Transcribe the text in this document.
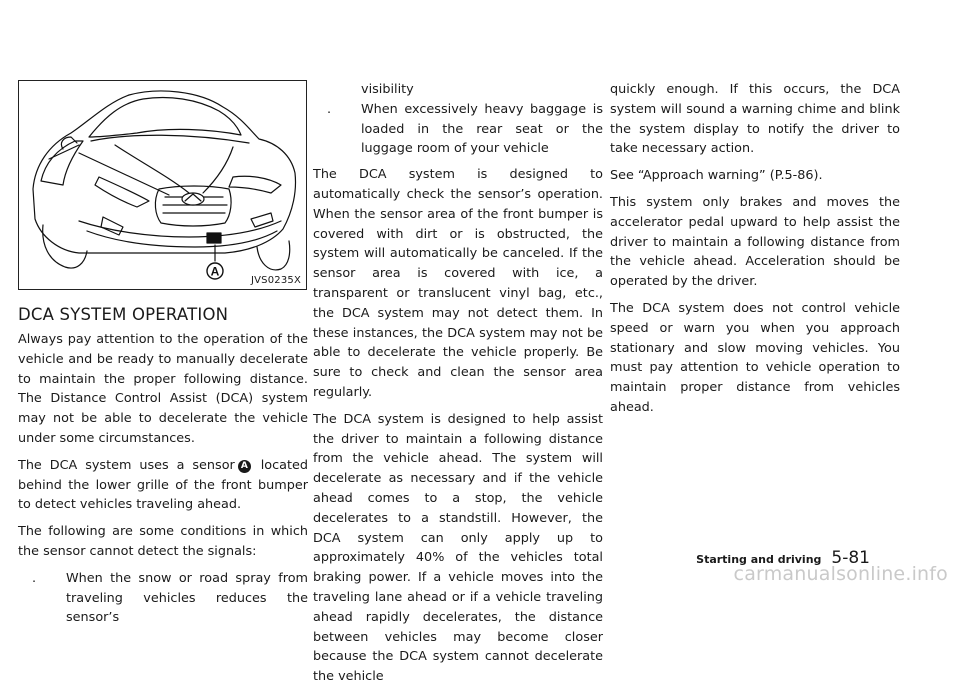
A
JVS0235X
DCA SYSTEM OPERATION

Always pay attention to the operation of the vehicle and be ready to manually decelerate to maintain the proper following distance. The Distance Control Assist (DCA) system may not be able to decelerate the vehicle under some circumstances.

The DCA system uses a sensor A located behind the lower grille of the front bumper to detect vehicles traveling ahead.

The following are some conditions in which the sensor cannot detect the signals:

. When the snow or road spray from traveling vehicles reduces the sensor’s
visibility
. When excessively heavy baggage is loaded in the rear seat or the luggage room of your vehicle

The DCA system is designed to automatically check the sensor’s operation. When the sensor area of the front bumper is covered with dirt or is obstructed, the system will automatically be canceled. If the sensor area is covered with ice, a transparent or translucent vinyl bag, etc., the DCA system may not detect them. In these instances, the DCA system may not be able to decelerate the vehicle properly. Be sure to check and clean the sensor area regularly.

The DCA system is designed to help assist the driver to maintain a following distance from the vehicle ahead. The system will decelerate as necessary and if the vehicle ahead comes to a stop, the vehicle decelerates to a standstill. However, the DCA system can only apply up to approximately 40% of the vehicles total braking power. If a vehicle moves into the traveling lane ahead or if a vehicle traveling ahead rapidly decelerates, the distance between vehicles may become closer because the DCA system cannot decelerate the vehicle

quickly enough. If this occurs, the DCA system will sound a warning chime and blink the system display to notify the driver to take necessary action.

See “Approach warning” (P.5-86).

This system only brakes and moves the accelerator pedal upward to help assist the driver to maintain a following distance from the vehicle ahead. Acceleration should be operated by the driver.

The DCA system does not control vehicle speed or warn you when you approach stationary and slow moving vehicles. You must pay attention to vehicle operation to maintain proper distance from vehicles ahead.

Starting and driving 5-81
carmanualsonline.info
